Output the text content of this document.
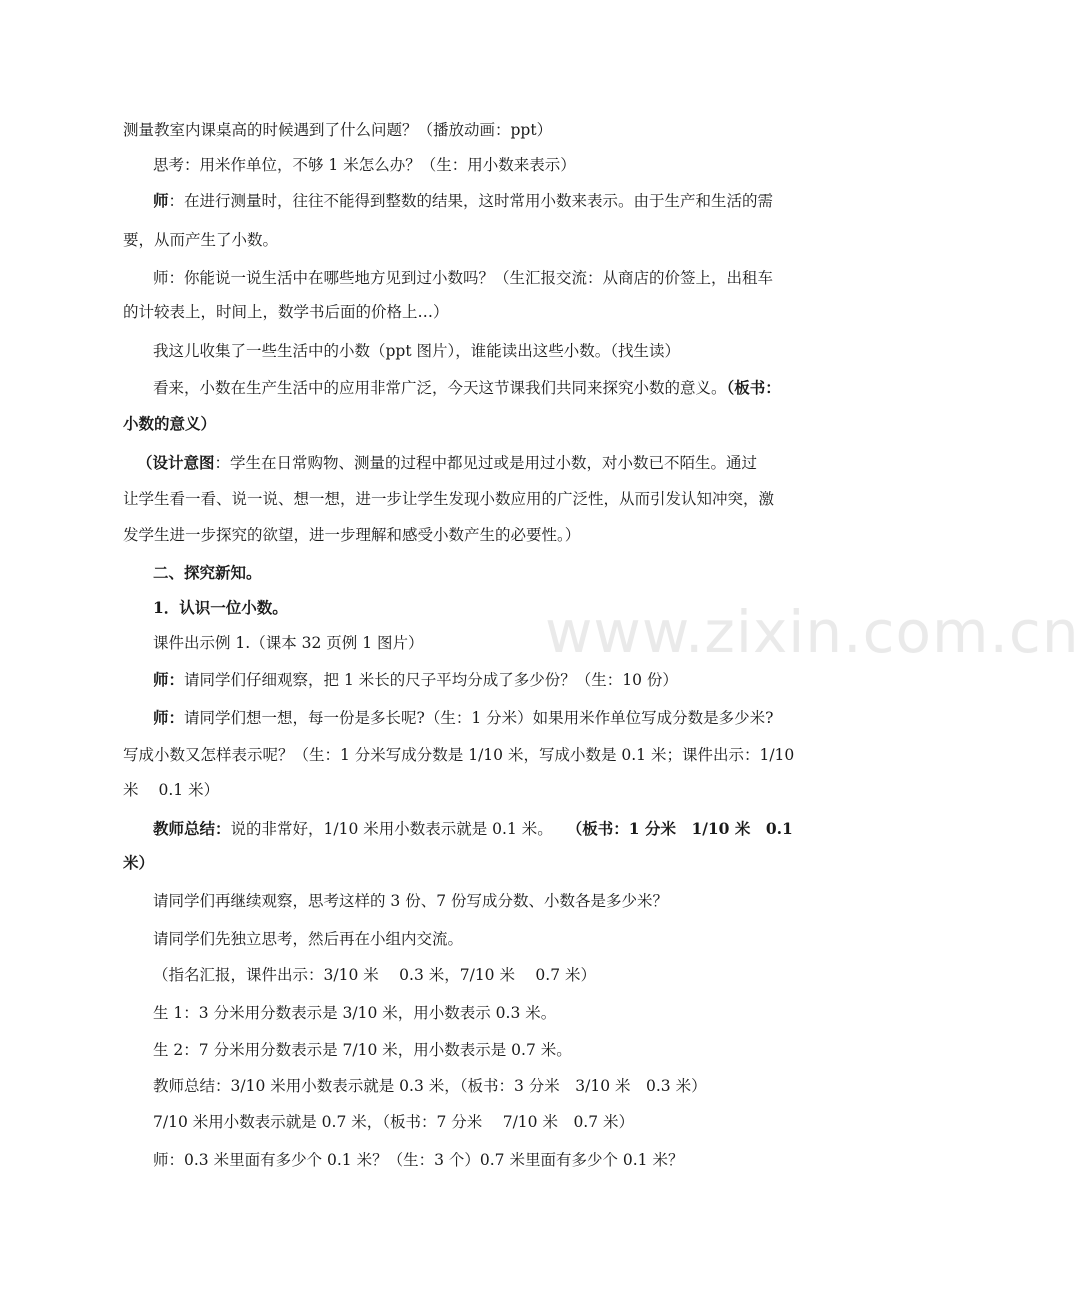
www.zixin.com.cn
测量教室内课桌高的时候遇到了什么问题？（播放动画：ppt）
思考：用米作单位，不够 1 米怎么办？（生：用小数来表示）
师：在进行测量时，往往不能得到整数的结果，这时常用小数来表示。由于生产和生活的需
要，从而产生了小数。
师：你能说一说生活中在哪些地方见到过小数吗？（生汇报交流：从商店的价签上，出租车
的计较表上，时间上，数学书后面的价格上…）
我这儿收集了一些生活中的小数（ppt 图片），谁能读出这些小数。（找生读）
看来，小数在生产生活中的应用非常广泛，今天这节课我们共同来探究小数的意义。（板书：
小数的意义）
（设计意图：学生在日常购物、测量的过程中都见过或是用过小数，对小数已不陌生。通过
让学生看一看、说一说、想一想，进一步让学生发现小数应用的广泛性，从而引发认知冲突，激
发学生进一步探究的欲望，进一步理解和感受小数产生的必要性。）
二、探究新知。
1．认识一位小数。
课件出示例 1.（课本 32 页例 1 图片）
师：请同学们仔细观察，把 1 米长的尺子平均分成了多少份？（生：10 份）
师：请同学们想一想，每一份是多长呢?（生：1 分米）如果用米作单位写成分数是多少米?
写成小数又怎样表示呢？（生：1 分米写成分数是 1/10 米，写成小数是 0.1 米；课件出示：1/10
米 0.1 米）
教师总结：说的非常好，1/10 米用小数表示就是 0.1 米。 （板书：1 分米　1/10 米　0.1
米）
请同学们再继续观察，思考这样的 3 份、7 份写成分数、小数各是多少米？
请同学们先独立思考，然后再在小组内交流。
（指名汇报，课件出示：3/10 米　 0.3 米，7/10 米　 0.7 米）
生 1：3 分米用分数表示是 3/10 米，用小数表示 0.3 米。
生 2：7 分米用分数表示是 7/10 米，用小数表示是 0.7 米。
教师总结：3/10 米用小数表示就是 0.3 米，（板书：3 分米　3/10 米　0.3 米）
7/10 米用小数表示就是 0.7 米，（板书：7 分米　 7/10 米　0.7 米）
师：0.3 米里面有多少个 0.1 米？（生：3 个）0.7 米里面有多少个 0.1 米？
